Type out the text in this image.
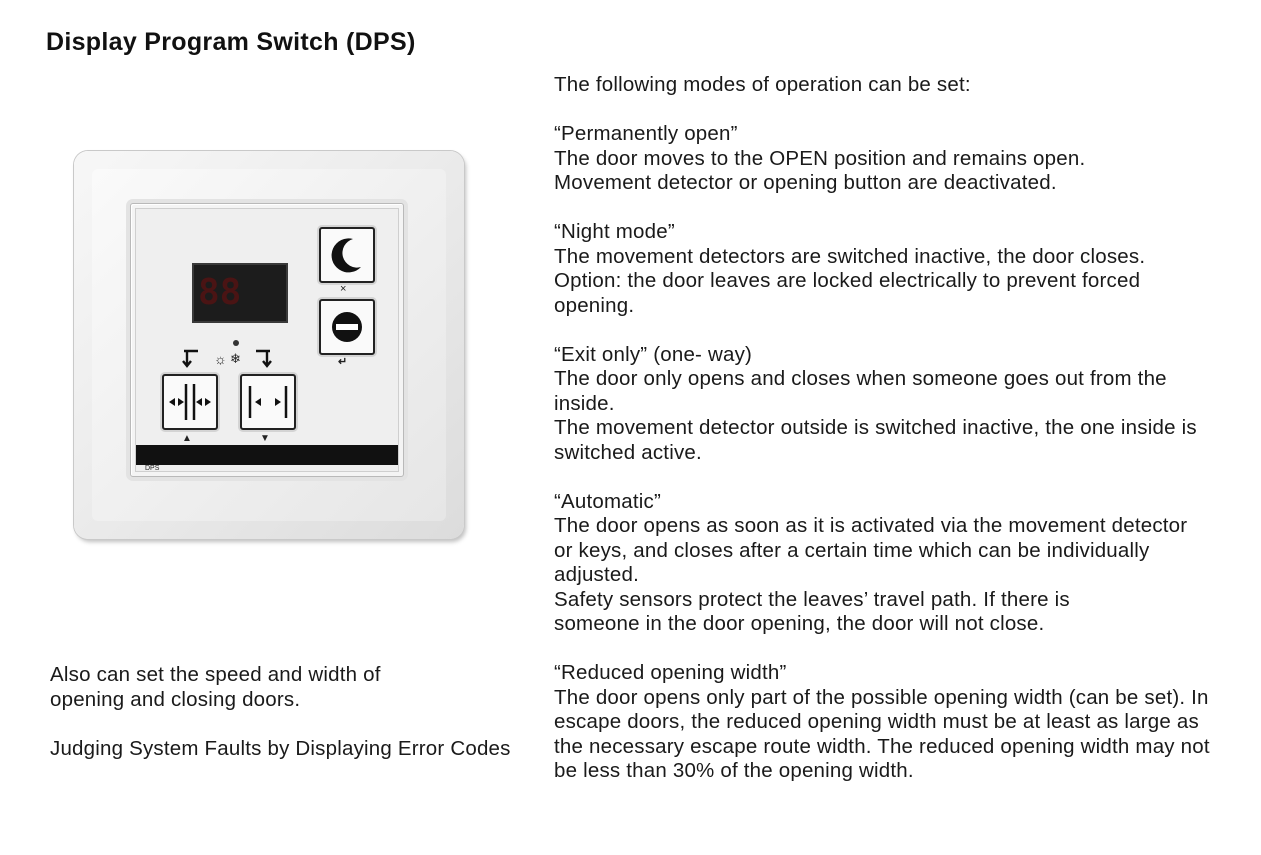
Display Program Switch (DPS)
The following modes of operation can be set:

“Permanently open”

The door moves to the OPEN position and remains open.

Movement detector or opening button are deactivated.

“Night mode”

The movement detectors are switched inactive, the door closes.

Option: the door leaves are locked electrically to prevent forced opening.

“Exit only” (one- way)

The door only opens and closes when someone goes out from the inside.

The movement detector outside is switched inactive, the one inside is switched active.

“Automatic”

The door opens as soon as it is activated via the movement detector or keys, and closes after a certain time which can be individually adjusted.

Safety sensors protect the leaves’ travel path. If there is someone in the door opening, the door will not close.

“Reduced opening width”

The door opens only part of the possible opening width (can be set). In escape doors, the reduced opening width must be at least as large as the necessary escape route width. The reduced opening width may not be less than 30% of the opening width.

Also can set the speed and width of opening and closing doors.

Judging System Faults by Displaying Error Codes

88	×
↵
☼ ❄
▲	▼
DPS
